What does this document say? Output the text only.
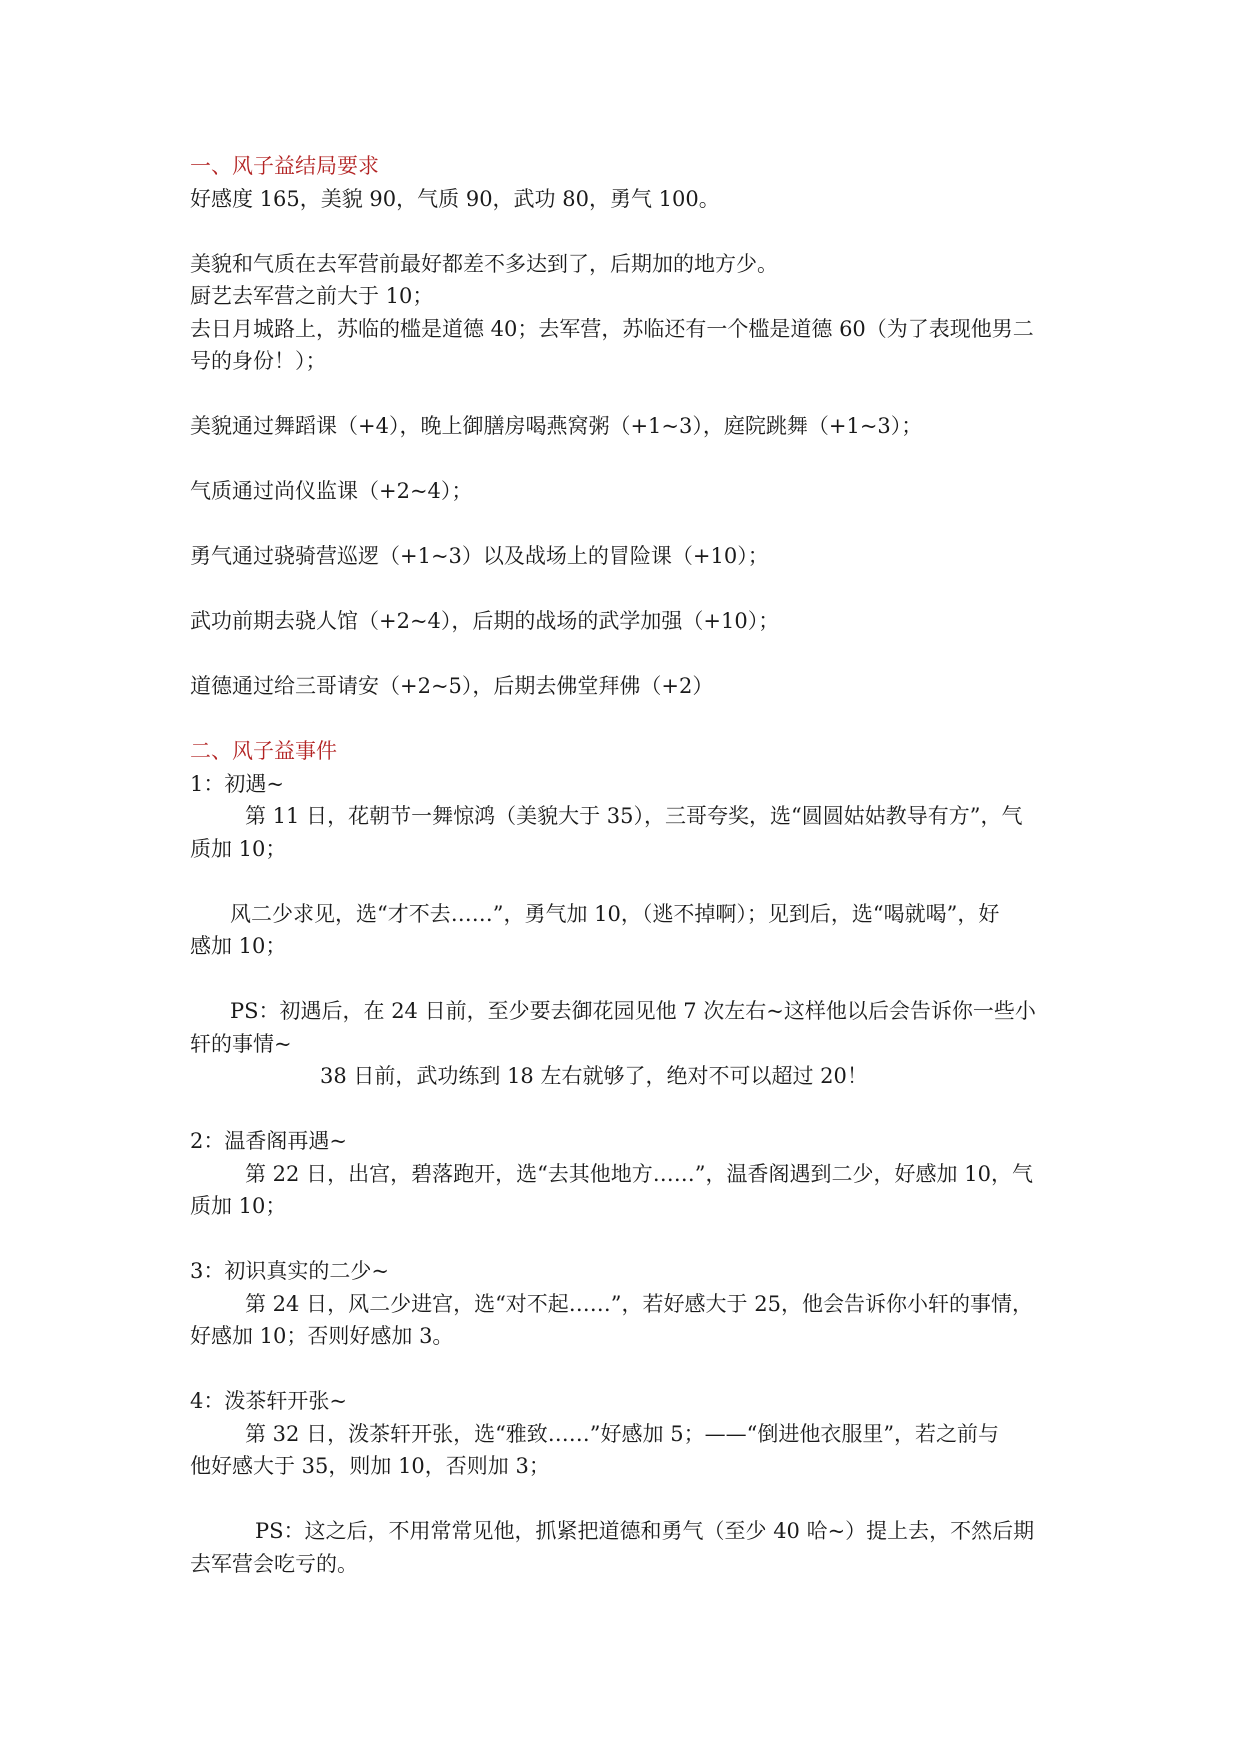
一、风子益结局要求

好感度 165，美貌 90，气质 90，武功 80，勇气 100。

美貌和气质在去军营前最好都差不多达到了，后期加的地方少。

厨艺去军营之前大于 10；

去日月城路上，苏临的槛是道德 40；去军营，苏临还有一个槛是道德 60（为了表现他男二

号的身份！）；

美貌通过舞蹈课（+4），晚上御膳房喝燕窝粥（+1~3），庭院跳舞（+1~3）；

气质通过尚仪监课（+2~4）；

勇气通过骁骑营巡逻（+1~3）以及战场上的冒险课（+10）；

武功前期去骁人馆（+2~4），后期的战场的武学加强（+10）；

道德通过给三哥请安（+2~5），后期去佛堂拜佛（+2）

二、风子益事件

1：初遇~

第 11 日，花朝节一舞惊鸿（美貌大于 35），三哥夸奖，选“圆圆姑姑教导有方”，气

质加 10；

风二少求见，选“才不去……”，勇气加 10，（逃不掉啊）；见到后，选“喝就喝”，好

感加 10；

PS：初遇后，在 24 日前，至少要去御花园见他 7 次左右~这样他以后会告诉你一些小

轩的事情~

38 日前，武功练到 18 左右就够了，绝对不可以超过 20！

2：温香阁再遇~

第 22 日，出宫，碧落跑开，选“去其他地方……”，温香阁遇到二少，好感加 10，气

质加 10；

3：初识真实的二少~

第 24 日，风二少进宫，选“对不起……”，若好感大于 25，他会告诉你小轩的事情，

好感加 10；否则好感加 3。

4：泼茶轩开张~

第 32 日，泼茶轩开张，选“雅致……”好感加 5；——“倒进他衣服里”，若之前与

他好感大于 35，则加 10，否则加 3；

PS：这之后，不用常常见他，抓紧把道德和勇气（至少 40 哈~）提上去，不然后期

去军营会吃亏的。
